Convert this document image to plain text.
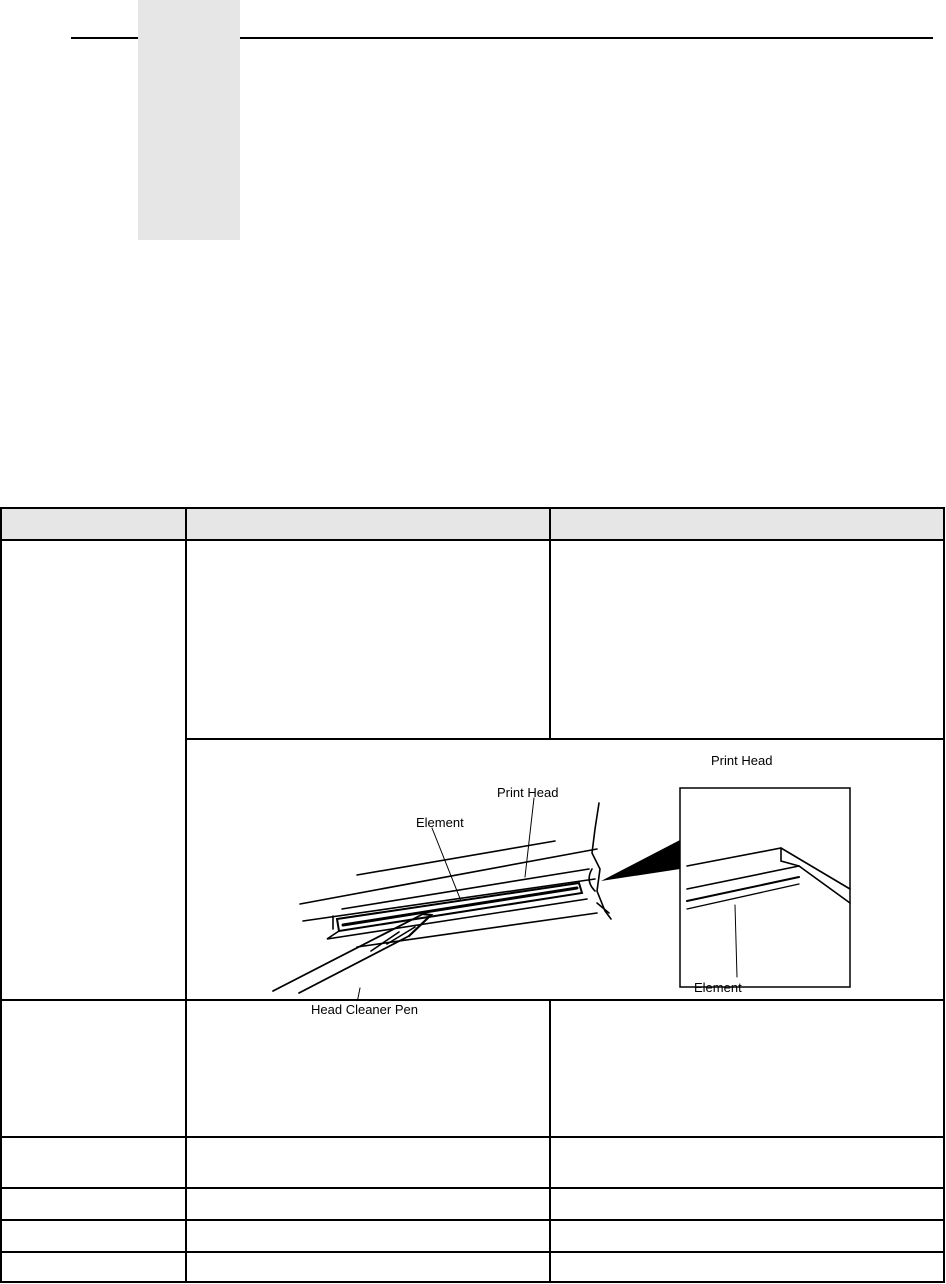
Print Head
Print Head
Element
Element
Head Cleaner Pen
